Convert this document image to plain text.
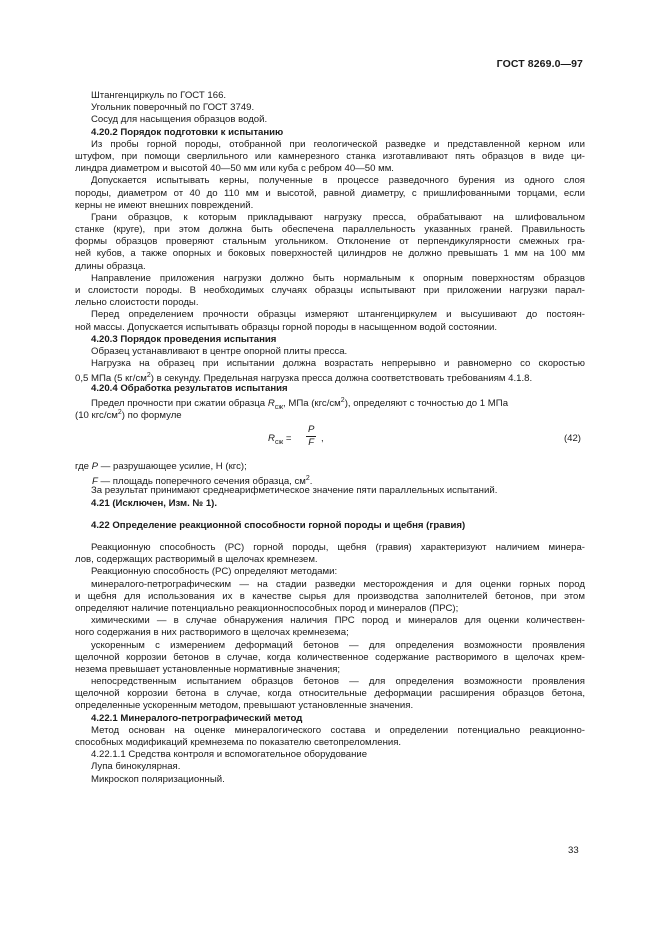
ГОСТ 8269.0—97
Штангенциркуль по ГОСТ 166.
Угольник поверочный по ГОСТ 3749.
Сосуд для насыщения образцов водой.
4.20.2 Порядок подготовки к испытанию
Из пробы горной породы, отобранной при геологической разведке и представленной керном или
штуфом, при помощи сверлильного или камнерезного станка изготавливают пять образцов в виде ци-
линдра диаметром и высотой 40—50 мм или куба с ребром 40—50 мм.
Допускается испытывать керны, полученные в процессе разведочного бурения из одного слоя
породы, диаметром от 40 до 110 мм и высотой, равной диаметру, с пришлифованными торцами, если
керны не имеют внешних повреждений.
Грани образцов, к которым прикладывают нагрузку пресса, обрабатывают на шлифовальном
станке (круге), при этом должна быть обеспечена параллельность указанных граней. Правильность
формы образцов проверяют стальным угольником. Отклонение от перпендикулярности смежных гра-
ней кубов, а также опорных и боковых поверхностей цилиндров не должно превышать 1 мм на 100 мм
длины образца.
Направление приложения нагрузки должно быть нормальным к опорным поверхностям образцов
и слоистости породы. В необходимых случаях образцы испытывают при приложении нагрузки парал-
лельно слоистости породы.
Перед определением прочности образцы измеряют штангенциркулем и высушивают до постоян-
ной массы. Допускается испытывать образцы горной породы в насыщенном водой состоянии.
4.20.3 Порядок проведения испытания
Образец устанавливают в центре опорной плиты пресса.
Нагрузка на образец при испытании должна возрастать непрерывно и равномерно со скоростью
0,5 МПа (5 $кг/см^2$) в секунду. Предельная нагрузка пресса должна соответствовать требованиям 4.1.8.
4.20.4 Обработка результатов испытания
Предел прочности при сжатии образца $R_{сж}$, МПа $(кгс/см^2)$, определяют с точностью до 1 МПа
(10 кгс/$см^2$) по формуле
$R_{сж} = \frac{P}{F}$ ,	(42)
где P — разрушающее усилие, Н (кгс);
F — площадь поперечного сечения образца, $см^2$.
За результат принимают среднеарифметическое значение пяти параллельных испытаний.
4.21 (Исключен, Изм. № 1).
4.22 Определение реакционной способности горной породы и щебня (гравия)
Реакционную способность (РС) горной породы, щебня (гравия) характеризуют наличием минера-
лов, содержащих растворимый в щелочах кремнезем.
Реакционную способность (РС) определяют методами:
минералого-петрографическим — на стадии разведки месторождения и для оценки горных пород
и щебня для использования их в качестве сырья для производства заполнителей бетонов, при этом
определяют наличие потенциально реакционноспособных пород и минералов (ПРС);
химическими — в случае обнаружения наличия ПРС пород и минералов для оценки количествен-
ного содержания в них растворимого в щелочах кремнезема;
ускоренным с измерением деформаций бетонов — для определения возможности проявления
щелочной коррозии бетонов в случае, когда количественное содержание растворимого в щелочах крем-
незема превышает установленные нормативные значения;
непосредственным испытанием образцов бетонов — для определения возможности проявления
щелочной коррозии бетона в случае, когда относительные деформации расширения образцов бетона,
определенные ускоренным методом, превышают установленные значения.
4.22.1 Минералого-петрографический метод
Метод основан на оценке минералогического состава и определении потенциально реакционно-
способных модификаций кремнезема по показателю светопреломления.
4.22.1.1 Средства контроля и вспомогательное оборудование
Лупа бинокулярная.
Микроскоп поляризационный.
33
